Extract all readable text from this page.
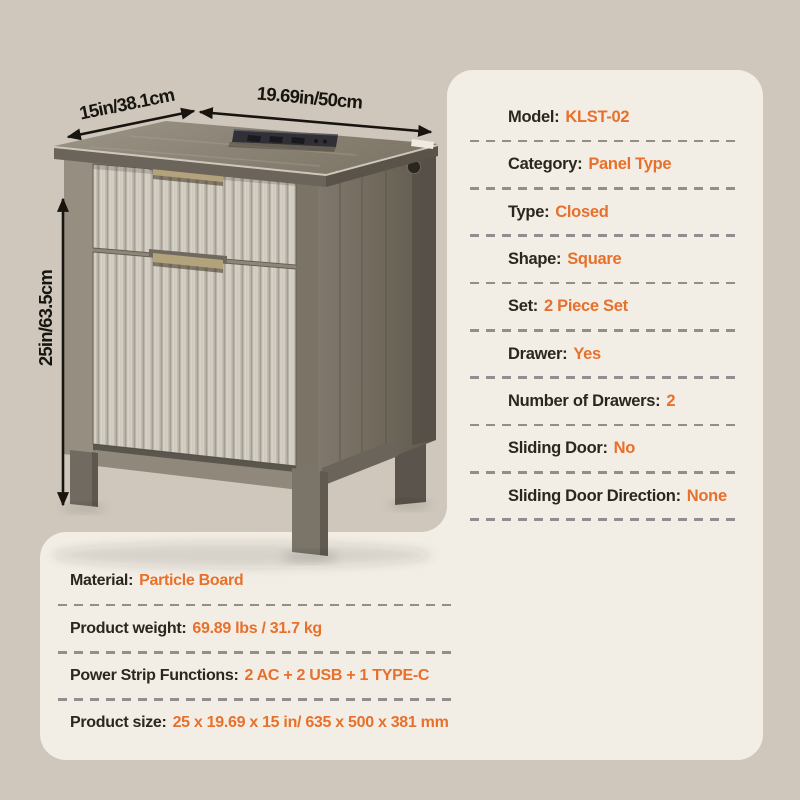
Model: KLST-02
Category: Panel Type
Type: Closed
Shape: Square
Set: 2 Piece Set
Drawer: Yes
Number of Drawers: 2
Sliding Door: No
Sliding Door Direction: None
Material: Particle Board
Product weight: 69.89 lbs / 31.7 kg
Power Strip Functions: 2 AC + 2 USB + 1 TYPE-C
Product size: 25 x 19.69 x 15 in/ 635 x 500 x 381 mm
15in/38.1cm	19.69in/50cm
25in/63.5cm
